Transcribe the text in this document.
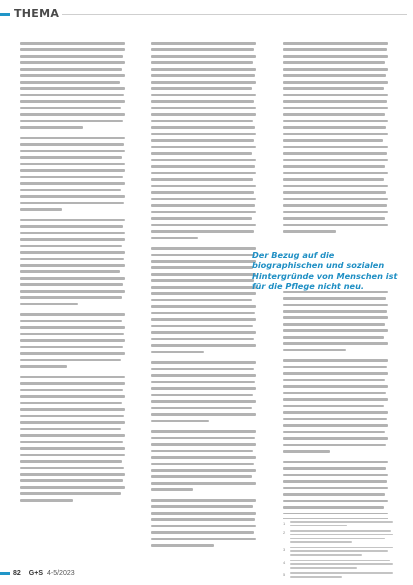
THEMA
Der Bezug auf die
biographischen und sozialen
Hintergründe von Menschen ist
für die Pflege nicht neu.
1
2
3
4
5
82 G+S 4-5/2023
